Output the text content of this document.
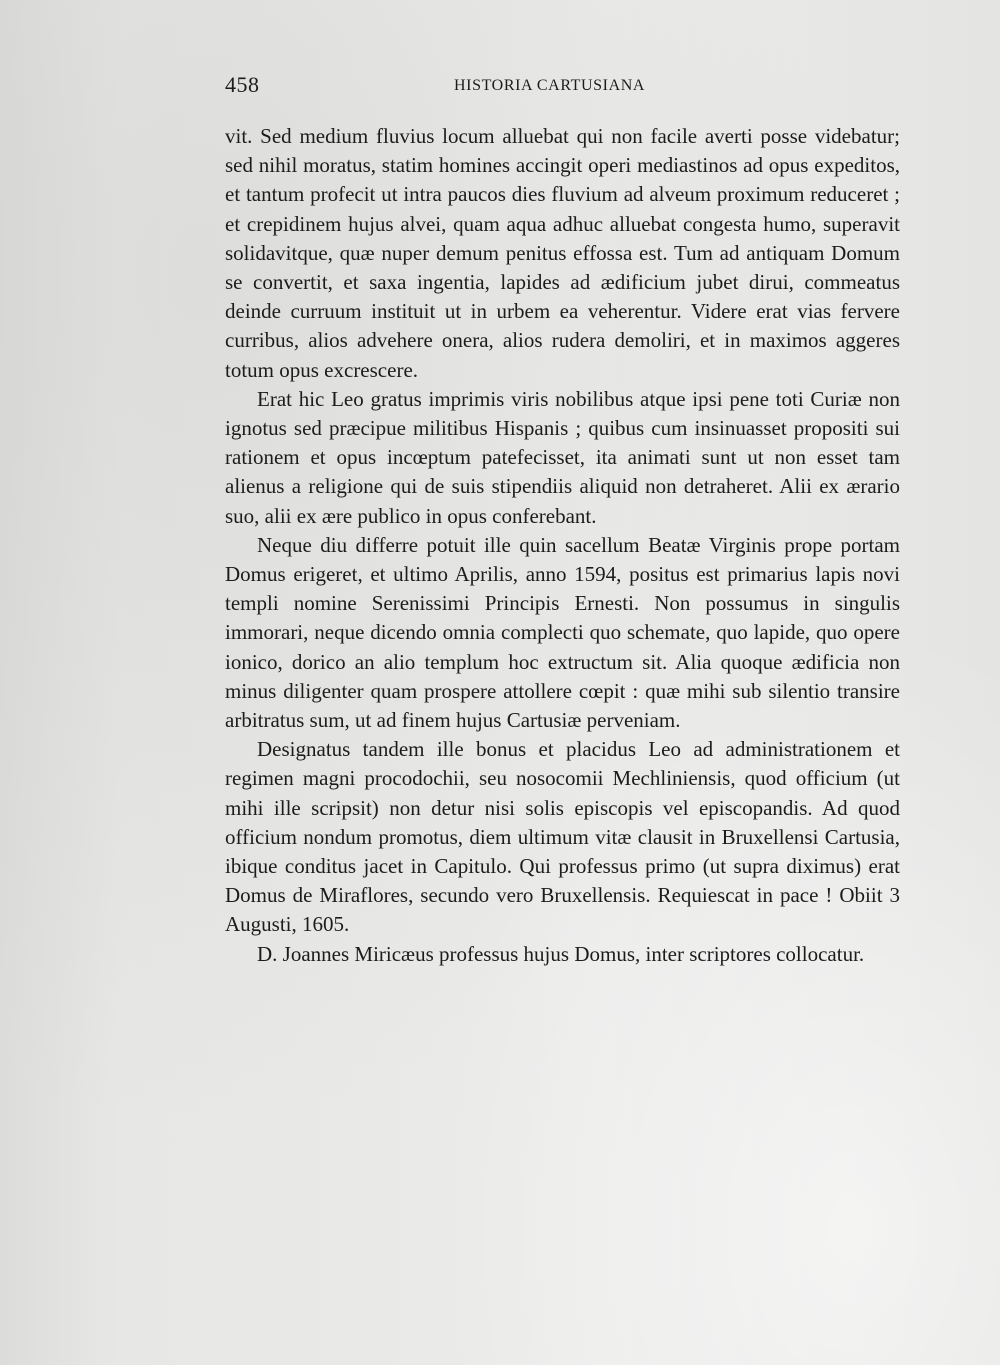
458	HISTORIA CARTUSIANA

vit. Sed medium fluvius locum alluebat qui non facile averti posse videbatur; sed nihil moratus, statim homines accingit operi mediastinos ad opus expeditos, et tantum profecit ut intra paucos dies fluvium ad alveum proximum reduceret ; et crepidinem hujus alvei, quam aqua adhuc alluebat congesta humo, superavit solidavitque, quæ nuper demum penitus effossa est. Tum ad antiquam Domum se convertit, et saxa ingentia, lapides ad ædificium jubet dirui, commeatus deinde curruum instituit ut in urbem ea veherentur. Videre erat vias fervere curribus, alios advehere onera, alios rudera demoliri, et in maximos aggeres totum opus excrescere.

Erat hic Leo gratus imprimis viris nobilibus atque ipsi pene toti Curiæ non ignotus sed præcipue militibus Hispanis ; quibus cum insinuasset propositi sui rationem et opus incœptum patefecisset, ita animati sunt ut non esset tam alienus a religione qui de suis stipendiis aliquid non detraheret. Alii ex ærario suo, alii ex ære publico in opus conferebant.

Neque diu differre potuit ille quin sacellum Beatæ Virginis prope portam Domus erigeret, et ultimo Aprilis, anno 1594, positus est primarius lapis novi templi nomine Serenissimi Principis Ernesti. Non possumus in singulis immorari, neque dicendo omnia complecti quo schemate, quo lapide, quo opere ionico, dorico an alio templum hoc extructum sit. Alia quoque ædificia non minus diligenter quam prospere attollere cœpit : quæ mihi sub silentio transire arbitratus sum, ut ad finem hujus Cartusiæ perveniam.

Designatus tandem ille bonus et placidus Leo ad administrationem et regimen magni procodochii, seu nosocomii Mechliniensis, quod officium (ut mihi ille scripsit) non detur nisi solis episcopis vel episcopandis. Ad quod officium nondum promotus, diem ultimum vitæ clausit in Bruxellensi Cartusia, ibique conditus jacet in Capitulo. Qui professus primo (ut supra diximus) erat Domus de Miraflores, secundo vero Bruxellensis. Requiescat in pace ! Obiit 3 Augusti, 1605.

D. Joannes Miricæus professus hujus Domus, inter scriptores collocatur.
